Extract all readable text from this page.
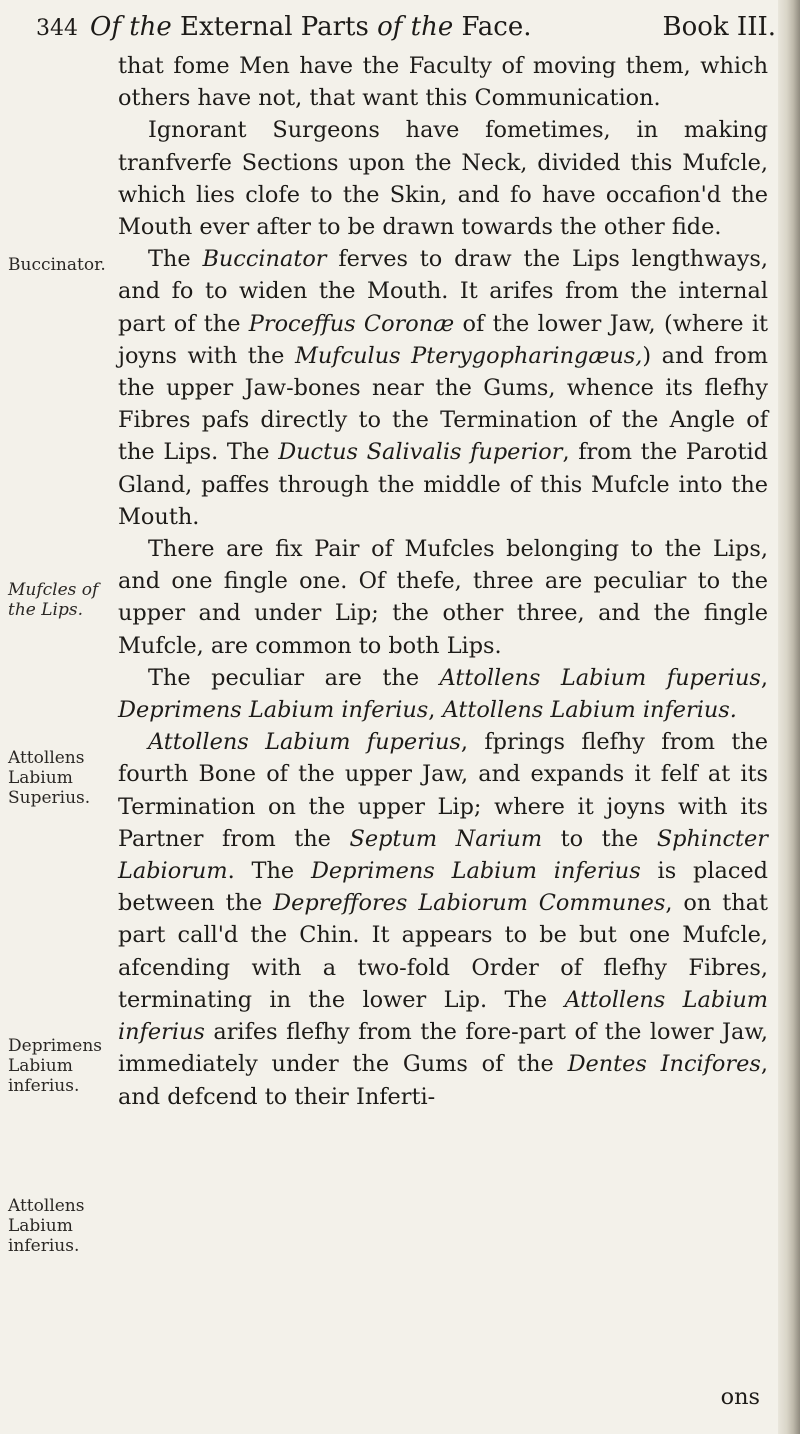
344 Of the External Parts of the Face.	Book III.

that fome Men have the Faculty of moving them, which others have not, that want this Communication.

Ignorant Surgeons have fometimes, in making tranfverfe Sections upon the Neck, divided this Mufcle, which lies clofe to the Skin, and fo have occafion'd the Mouth ever after to be drawn towards the other fide.

The Buccinator ferves to draw the Lips lengthways, and fo to widen the Mouth. It arifes from the internal part of the Proceffus Coronæ of the lower Jaw, (where it joyns with the Mufculus Pterygopharingæus,) and from the upper Jaw-bones near the Gums, whence its flefhy Fibres pafs directly to the Termination of the Angle of the Lips. The Ductus Salivalis fuperior, from the Parotid Gland, paffes through the middle of this Mufcle into the Mouth.

There are fix Pair of Mufcles belonging to the Lips, and one fingle one. Of thefe, three are peculiar to the upper and under Lip; the other three, and the fingle Mufcle, are common to both Lips.

The peculiar are the Attollens Labium fuperius, Deprimens Labium inferius, Attollens Labium inferius.

Attollens Labium fuperius, fprings flefhy from the fourth Bone of the upper Jaw, and expands it felf at its Termination on the upper Lip; where it joyns with its Partner from the Septum Narium to the Sphincter Labiorum. The Deprimens Labium inferius is placed between the Depreffores Labiorum Communes, on that part call'd the Chin. It appears to be but one Mufcle, afcending with a two-fold Order of flefhy Fibres, terminating in the lower Lip. The Attollens Labium inferius arifes flefhy from the fore-part of the lower Jaw, immediately under the Gums of the Dentes Incifores, and defcend to their Inferti-

Buccinator.
Mufcles of the Lips.
Attollens Labium Superius.
Deprimens Labium inferius.
Attollens Labium inferius.
ons
